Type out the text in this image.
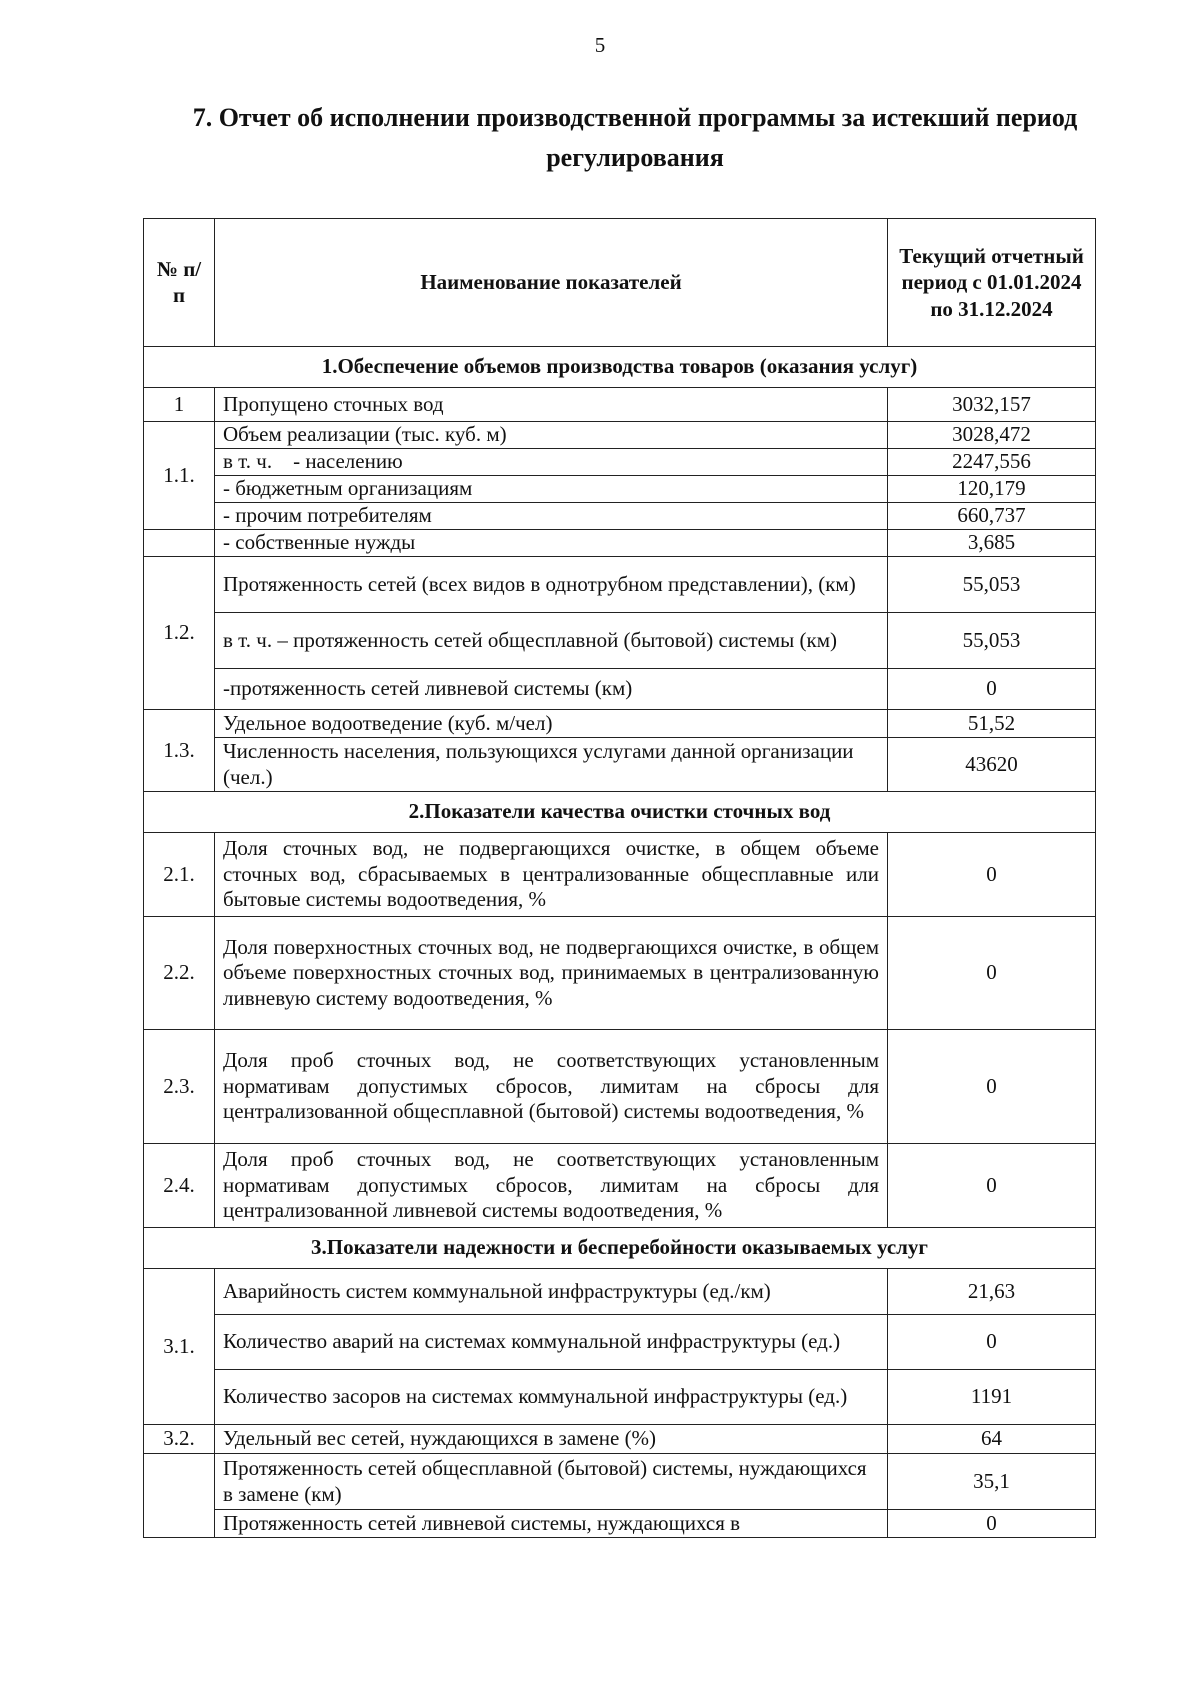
5
7. Отчет об исполнении производственной программы за истекший период регулирования
№ п/п	Наименование показателей	Текущий отчетный период с 01.01.2024 по 31.12.2024
1.Обеспечение объемов производства товаров (оказания услуг)		
1	Пропущено сточных вод	3032,157
1.1.	Объем реализации (тыс. куб. м)	3028,472
	в т. ч.    - населению	2247,556
	- бюджетным организациям	120,179
	- прочим потребителям	660,737
	- собственные нужды	3,685
1.2.	Протяженность сетей (всех видов в однотрубном представлении), (км)	55,053
	в т. ч. – протяженность сетей общесплавной (бытовой) системы (км)	55,053
	-протяженность сетей ливневой системы (км)	0
1.3.	Удельное водоотведение (куб. м/чел)	51,52
	Численность населения, пользующихся услугами данной организации (чел.)	43620
2.Показатели качества очистки сточных вод		
2.1.	Доля сточных вод, не подвергающихся очистке, в общем объеме сточных вод, сбрасываемых в централизованные общесплавные или бытовые системы водоотведения, %	0
2.2.	Доля поверхностных сточных вод, не подвергающихся очистке, в общем объеме поверхностных сточных вод, принимаемых в централизованную ливневую систему водоотведения, %	0
2.3.	Доля проб сточных вод, не соответствующих установленным нормативам допустимых сбросов, лимитам на сбросы для централизованной общесплавной (бытовой) системы водоотведения, %	0
2.4.	Доля проб сточных вод, не соответствующих установленным нормативам допустимых сбросов, лимитам на сбросы для централизованной ливневой системы водоотведения, %	0
3.Показатели надежности и бесперебойности оказываемых услуг		
3.1.	Аварийность систем коммунальной инфраструктуры (ед./км)	21,63
	Количество аварий на системах коммунальной инфраструктуры (ед.)	0
	Количество засоров на системах коммунальной инфраструктуры (ед.)	1191
3.2.	Удельный вес сетей, нуждающихся в замене (%)	64
	Протяженность сетей общесплавной (бытовой) системы, нуждающихся в замене (км)	35,1
	Протяженность сетей ливневой системы, нуждающихся в	0
